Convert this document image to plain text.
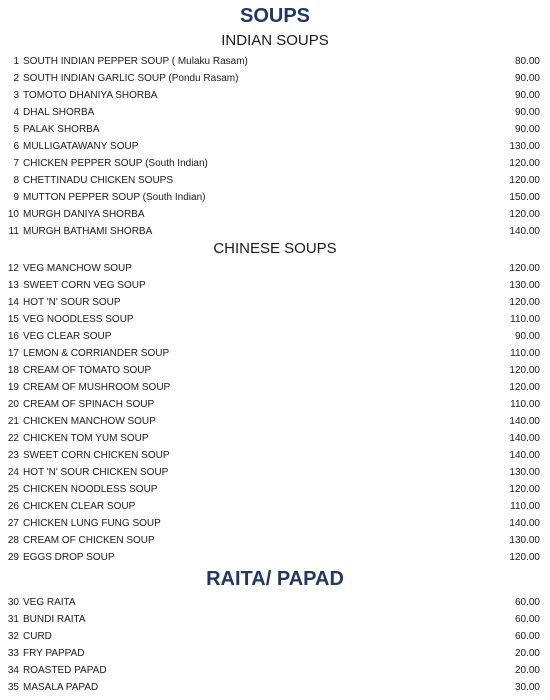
SOUPS
INDIAN SOUPS
1 SOUTH INDIAN PEPPER SOUP ( Mulaku Rasam)	80.00
2 SOUTH INDIAN GARLIC SOUP (Pondu Rasam)	90.00
3 TOMOTO DHANIYA SHORBA	90.00
4 DHAL SHORBA	90.00
5 PALAK SHORBA	90.00
6 MULLIGATAWANY SOUP	130.00
7 CHICKEN PEPPER SOUP (South Indian)	120.00
8 CHETTINADU CHICKEN SOUPS	120.00
9 MUTTON PEPPER SOUP (South Indian)	150.00
10 MURGH DANIYA SHORBA	120.00
11 MURGH BATHAMI SHORBA	140.00
CHINESE SOUPS
12 VEG MANCHOW SOUP	120.00
13 SWEET CORN VEG SOUP	130.00
14 HOT 'N' SOUR SOUP	120.00
15 VEG NOODLESS SOUP	110.00
16 VEG CLEAR SOUP	90.00
17 LEMON & CORRIANDER SOUP	110.00
18 CREAM OF TOMATO SOUP	120.00
19 CREAM OF MUSHROOM SOUP	120.00
20 CREAM OF SPINACH SOUP	110.00
21 CHICKEN MANCHOW SOUP	140.00
22 CHICKEN TOM YUM SOUP	140.00
23 SWEET CORN CHICKEN SOUP	140.00
24 HOT 'N' SOUR CHICKEN SOUP	130.00
25 CHICKEN NOODLESS SOUP	120.00
26 CHICKEN CLEAR SOUP	110.00
27 CHICKEN LUNG FUNG SOUP	140.00
28 CREAM OF CHICKEN SOUP	130.00
29 EGGS DROP SOUP	120.00
RAITA/ PAPAD
30 VEG RAITA	60.00
31 BUNDI RAITA	60.00
32 CURD	60.00
33 FRY PAPPAD	20.00
34 ROASTED PAPAD	20.00
35 MASALA PAPAD	30.00
